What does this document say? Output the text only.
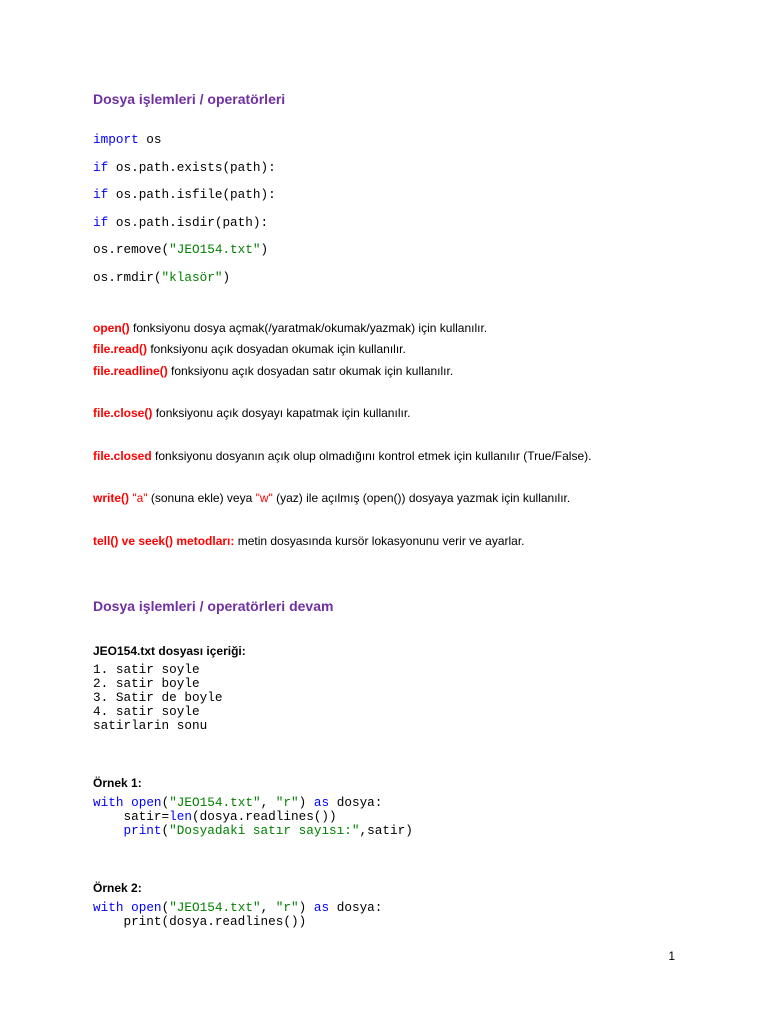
Dosya işlemleri / operatörleri
import os
if os.path.exists(path):
if os.path.isfile(path):
if os.path.isdir(path):
os.remove( "JEO154.txt" )
os.rmdir( "klasör" )
open() fonksiyonu dosya açmak(/yaratmak/okumak/yazmak) için kullanılır.
file.read() fonksiyonu açık dosyadan okumak için kullanılır.
file.readline() fonksiyonu açık dosyadan satır okumak için kullanılır.
file.close() fonksiyonu açık dosyayı kapatmak için kullanılır.
file.closed fonksiyonu dosyanın açık olup olmadığını kontrol etmek için kullanılır (True/False).
write()
"a" (sonuna ekle) veya "w" (yaz) ile açılmış (open()) dosyaya yazmak için kullanılır.
tell() ve seek() metodları: metin dosyasında kursör lokasyonunu verir ve ayarlar.
Dosya işlemleri / operatörleri devam
JEO154.txt dosyası içeriği:
1. satir soyle
2. satir boyle
3. Satir de boyle
4. satir soyle
satirlarin sonu
Örnek 1:
with
open ( "JEO154.txt" , "r" ) as dosya:
satir= len (dosya.readlines())

print ( "Dosyadaki satır sayısı:" ,satir)
Örnek 2:
with
open ( "JEO154.txt" , "r" ) as dosya:
print(dosya.readlines())
1
